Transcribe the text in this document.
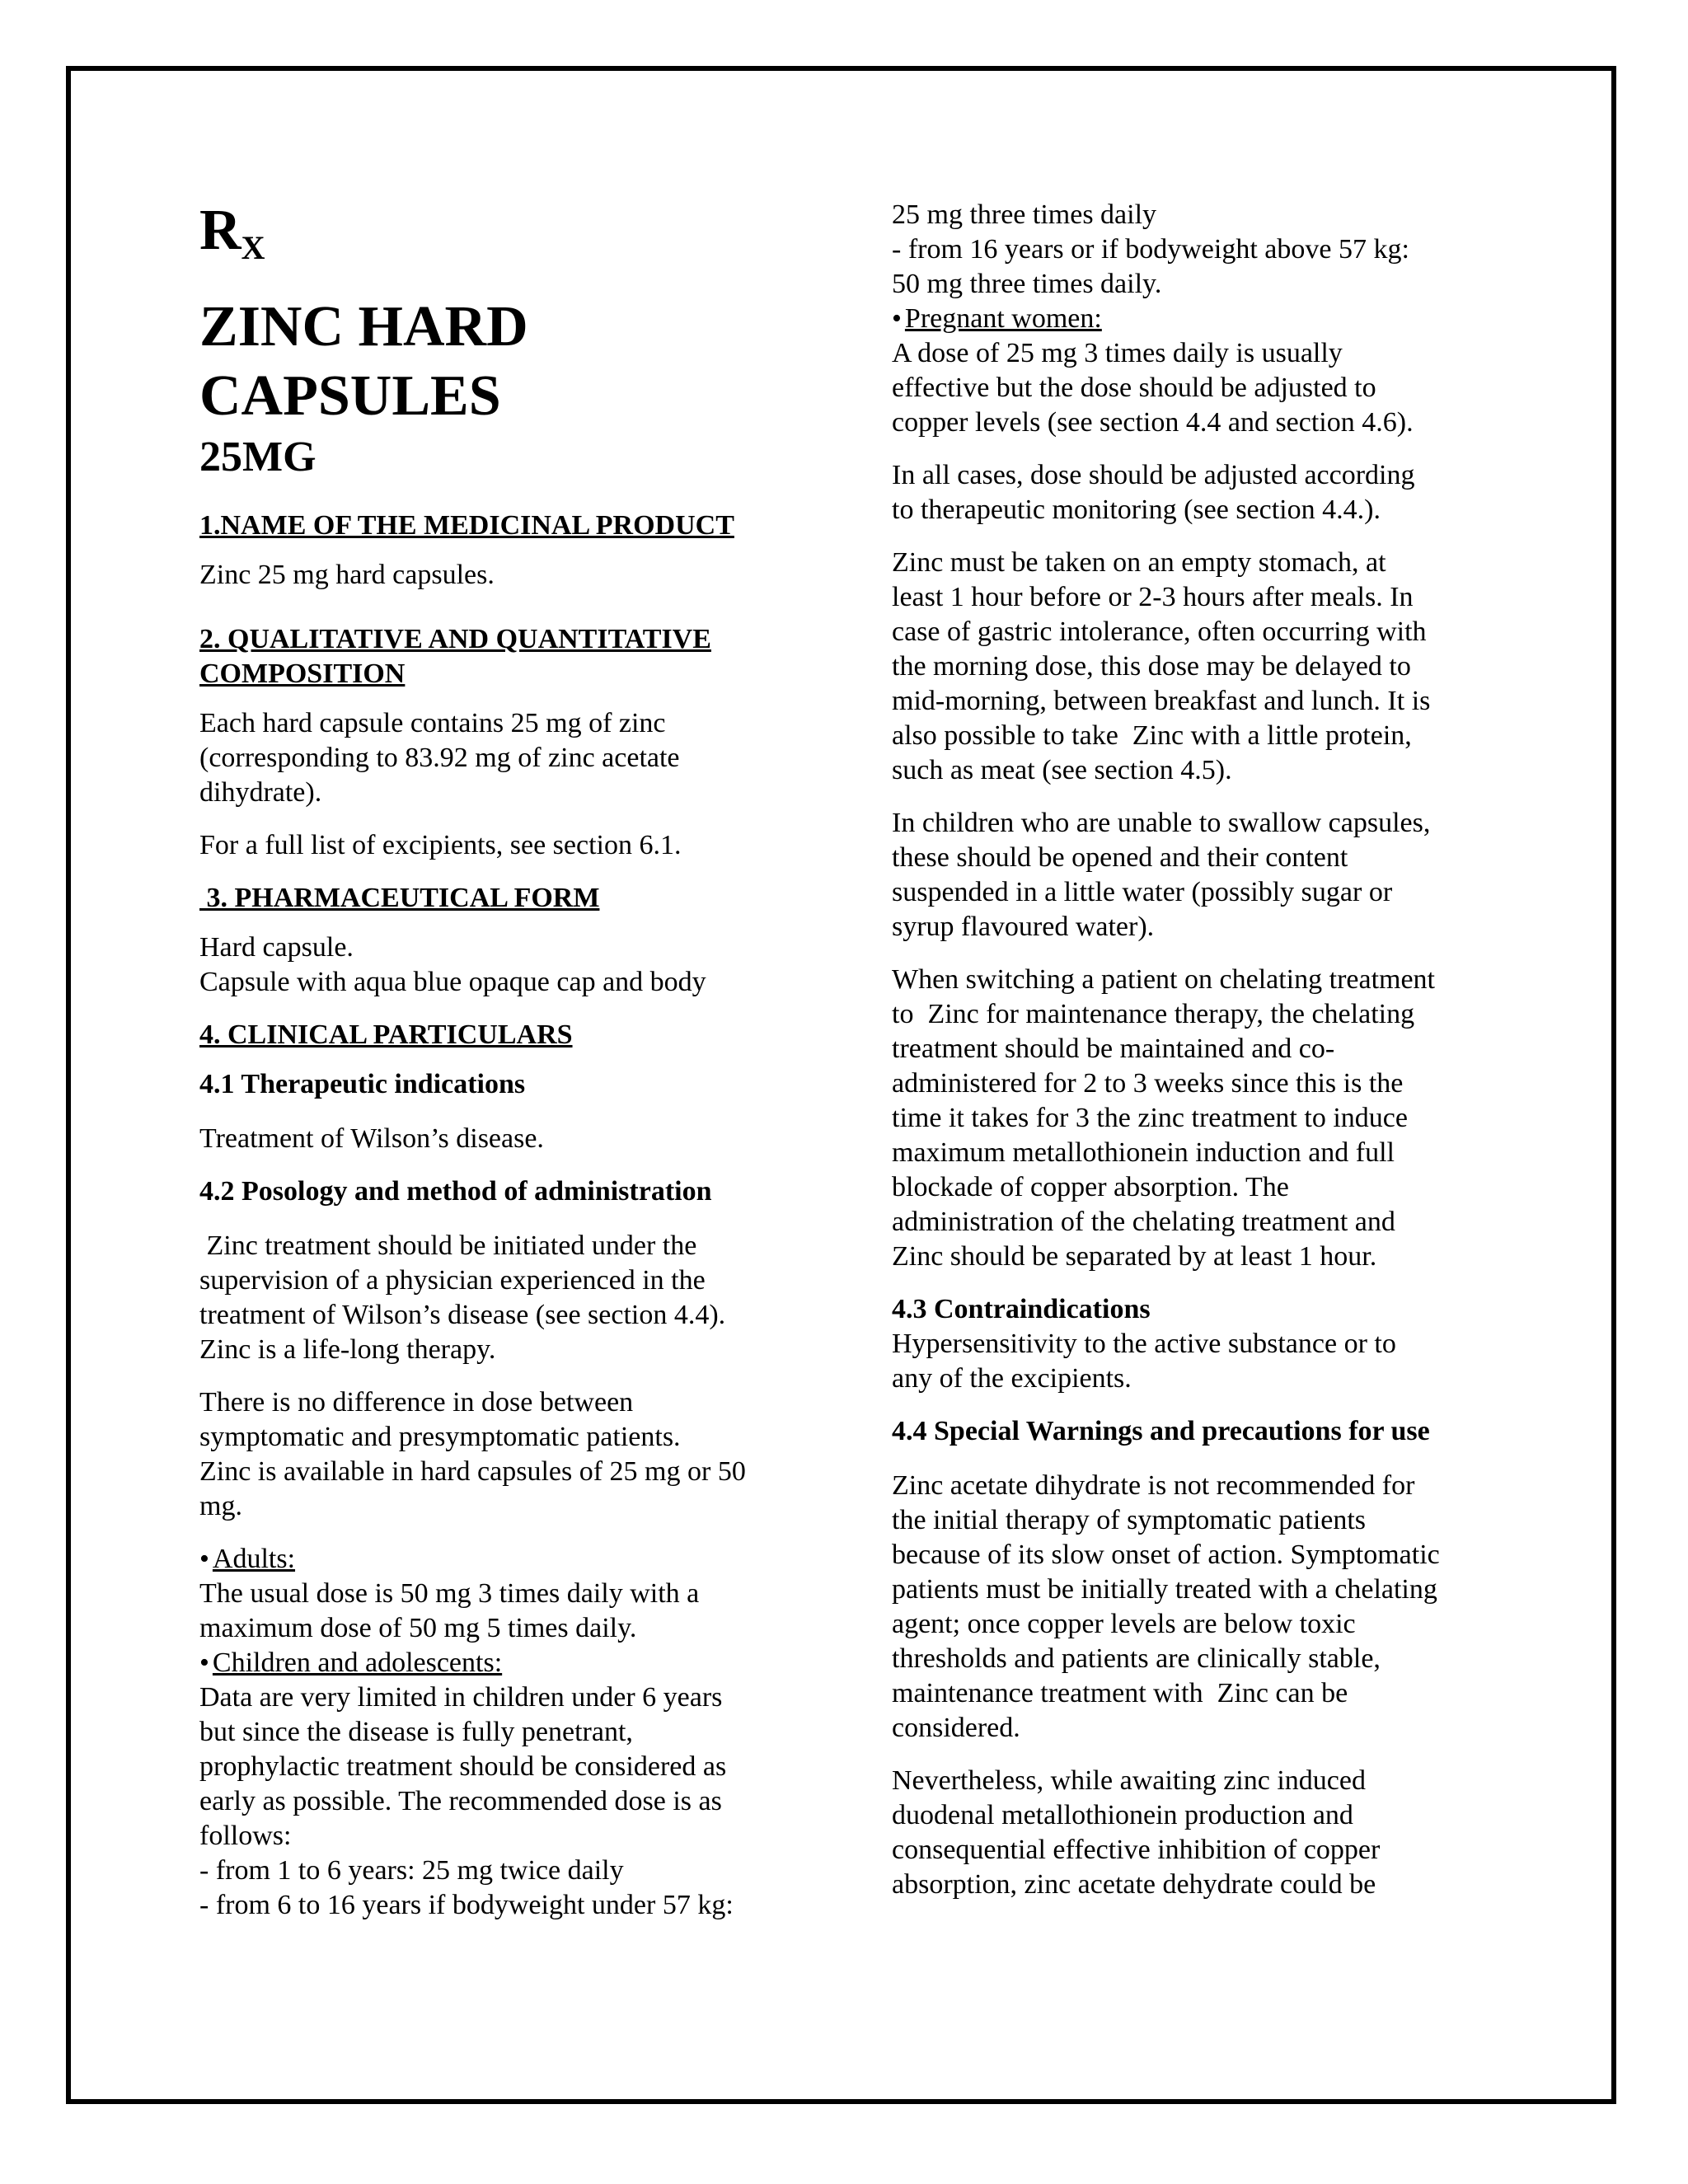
$R_X$
ZINC HARD
CAPSULES
25MG
1.NAME OF THE MEDICINAL PRODUCT
Zinc 25 mg hard capsules.
2. QUALITATIVE AND QUANTITATIVE
COMPOSITION
Each hard capsule contains 25 mg of zinc
(corresponding to 83.92 mg of zinc acetate
dihydrate).
For a full list of excipients, see section 6.1.
3. PHARMACEUTICAL FORM
Hard capsule.
Capsule with aqua blue opaque cap and body
4. CLINICAL PARTICULARS
4.1 Therapeutic indications
Treatment of Wilson’s disease.
4.2 Posology and method of administration
Zinc treatment should be initiated under the
supervision of a physician experienced in the
treatment of Wilson’s disease (see section 4.4).
Zinc is a life-long therapy.
There is no difference in dose between
symptomatic and presymptomatic patients.
Zinc is available in hard capsules of 25 mg or 50
mg.
• Adults:
The usual dose is 50 mg 3 times daily with a
maximum dose of 50 mg 5 times daily.
• Children and adolescents:
Data are very limited in children under 6 years
but since the disease is fully penetrant,
prophylactic treatment should be considered as
early as possible. The recommended dose is as
follows:
- from 1 to 6 years: 25 mg twice daily
- from 6 to 16 years if bodyweight under 57 kg:
25 mg three times daily
- from 16 years or if bodyweight above 57 kg:
50 mg three times daily.
• Pregnant women:
A dose of 25 mg 3 times daily is usually
effective but the dose should be adjusted to
copper levels (see section 4.4 and section 4.6).
In all cases, dose should be adjusted according
to therapeutic monitoring (see section 4.4.).
Zinc must be taken on an empty stomach, at
least 1 hour before or 2-3 hours after meals. In
case of gastric intolerance, often occurring with
the morning dose, this dose may be delayed to
mid-morning, between breakfast and lunch. It is
also possible to take  Zinc with a little protein,
such as meat (see section 4.5).
In children who are unable to swallow capsules,
these should be opened and their content
suspended in a little water (possibly sugar or
syrup flavoured water).
When switching a patient on chelating treatment
to  Zinc for maintenance therapy, the chelating
treatment should be maintained and co-
administered for 2 to 3 weeks since this is the
time it takes for 3 the zinc treatment to induce
maximum metallothionein induction and full
blockade of copper absorption. The
administration of the chelating treatment and
Zinc should be separated by at least 1 hour.
4.3 Contraindications
Hypersensitivity to the active substance or to
any of the excipients.
4.4 Special Warnings and precautions for use
Zinc acetate dihydrate is not recommended for
the initial therapy of symptomatic patients
because of its slow onset of action. Symptomatic
patients must be initially treated with a chelating
agent; once copper levels are below toxic
thresholds and patients are clinically stable,
maintenance treatment with  Zinc can be
considered.
Nevertheless, while awaiting zinc induced
duodenal metallothionein production and
consequential effective inhibition of copper
absorption, zinc acetate dehydrate could be
